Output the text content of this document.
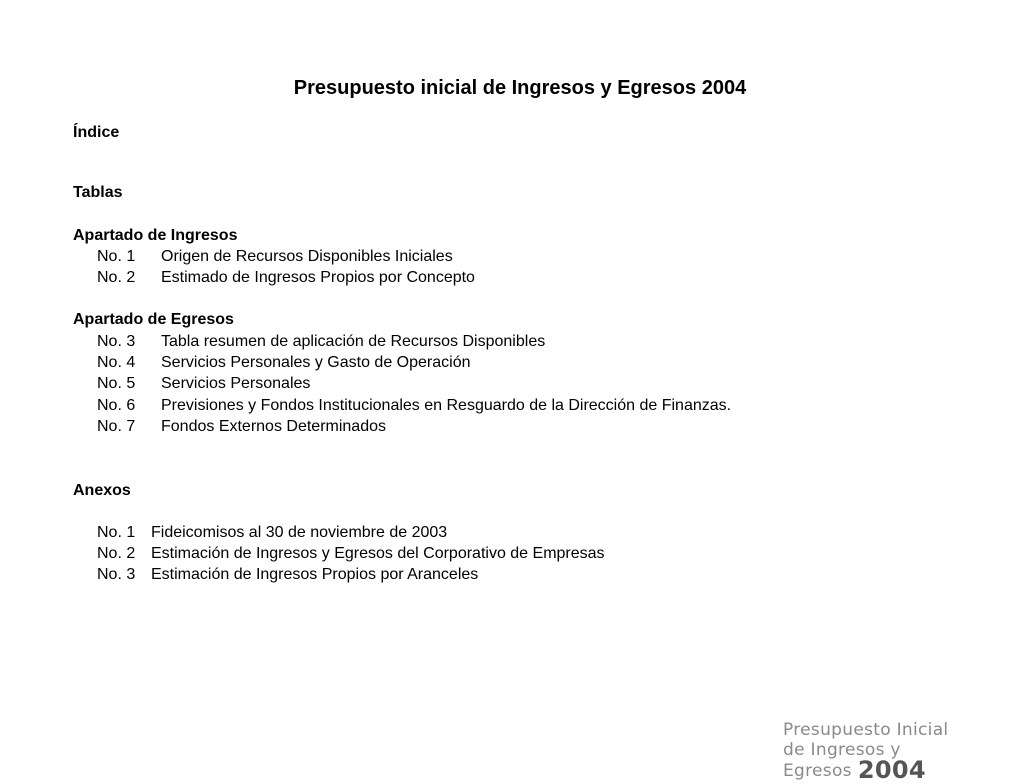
Presupuesto inicial de Ingresos y Egresos 2004
Índice
Tablas
Apartado de Ingresos
No. 1 Origen de Recursos Disponibles Iniciales
No. 2 Estimado de Ingresos Propios por Concepto
Apartado de Egresos
No. 3 Tabla resumen de aplicación de Recursos Disponibles
No. 4 Servicios Personales y Gasto de Operación
No. 5 Servicios Personales
No. 6 Previsiones y Fondos Institucionales en Resguardo de la Dirección de Finanzas.
No. 7 Fondos Externos Determinados
Anexos
No. 1 Fideicomisos al 30 de noviembre de 2003
No. 2 Estimación de Ingresos y Egresos del Corporativo de Empresas
No. 3 Estimación de Ingresos Propios por Aranceles
Presupuesto Inicial
de Ingresos y Egresos 2004
